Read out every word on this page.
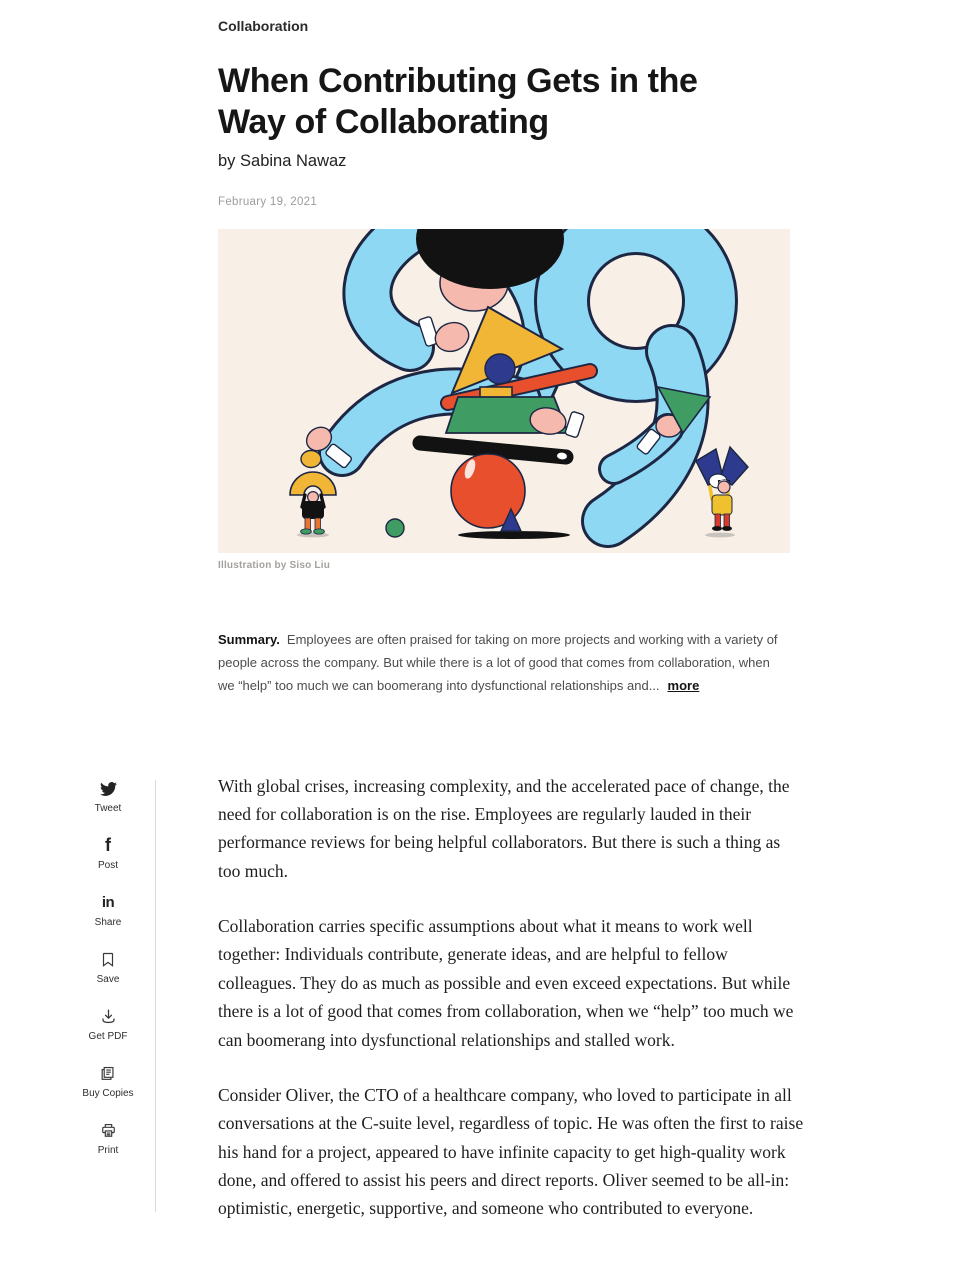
Tweet
f
Post
in
Share
Save
Get PDF
Buy Copies
Print
Collaboration
When Contributing Gets in the Way of Collaborating
by Sabina Nawaz
February 19, 2021
Illustration by Siso Liu
Summary. Employees are often praised for taking on more projects and working with a variety of people across the company. But while there is a lot of good that comes from collaboration, when we “help” too much we can boomerang into dysfunctional relationships and... more

With global crises, increasing complexity, and the accelerated pace of change, the need for collaboration is on the rise. Employees are regularly lauded in their performance reviews for being helpful collaborators. But there is such a thing as too much.

Collaboration carries specific assumptions about what it means to work well together: Individuals contribute, generate ideas, and are helpful to fellow colleagues. They do as much as possible and even exceed expectations. But while there is a lot of good that comes from collaboration, when we “help” too much we can boomerang into dysfunctional relationships and stalled work.

Consider Oliver, the CTO of a healthcare company, who loved to participate in all conversations at the C-suite level, regardless of topic. He was often the first to raise his hand for a project, appeared to have infinite capacity to get high-quality work done, and offered to assist his peers and direct reports. Oliver seemed to be all-in: optimistic, energetic, supportive, and someone who contributed to everyone.
